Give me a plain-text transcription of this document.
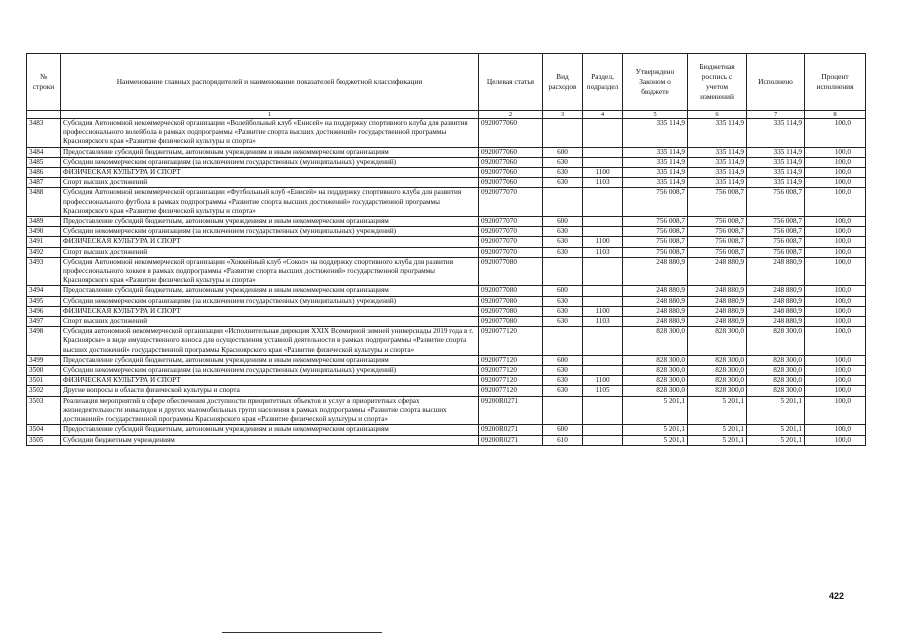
№ строки	Наименование главных распорядителей и наименование показателей бюджетной классификации	Целевая статья	Вид расходов	Раздел, подраздел	Утверждено Законом о бюджете	Бюджетная роспись с учетом изменений	Исполнено	Процент исполнения
	1	2	3	4	5	6	7	8
3483	Субсидия Автономной некоммерческой организации «Волейбольный клуб «Енисей» на поддержку спортивного клуба для развития профессионального волейбола в рамках подпрограммы «Развитие спорта высших достижений» государственной программы Красноярского края «Развитие физической культуры и спорта»	0920077060			335 114,9	335 114,9	335 114,9	100,0
3484	Предоставление субсидий бюджетным, автономным учреждениям и иным некоммерческим организациям	0920077060	600		335 114,9	335 114,9	335 114,9	100,0
3485	Субсидии некоммерческим организациям (за исключением государственных (муниципальных) учреждений)	0920077060	630		335 114,9	335 114,9	335 114,9	100,0
3486	ФИЗИЧЕСКАЯ КУЛЬТУРА И СПОРТ	0920077060	630	1100	335 114,9	335 114,9	335 114,9	100,0
3487	Спорт высших достижений	0920077060	630	1103	335 114,9	335 114,9	335 114,9	100,0
3488	Субсидия Автономной некоммерческой организации «Футбольный клуб «Енисей» на поддержку спортивного клуба для развития профессионального футбола в рамках подпрограммы «Развитие спорта высших достижений» государственной программы Красноярского края «Развитие физической культуры и спорта»	0920077070			756 008,7	756 008,7	756 008,7	100,0
3489	Предоставление субсидий бюджетным, автономным учреждениям и иным некоммерческим организациям	0920077070	600		756 008,7	756 008,7	756 008,7	100,0
3490	Субсидии некоммерческим организациям (за исключением государственных (муниципальных) учреждений)	0920077070	630		756 008,7	756 008,7	756 008,7	100,0
3491	ФИЗИЧЕСКАЯ КУЛЬТУРА И СПОРТ	0920077070	630	1100	756 008,7	756 008,7	756 008,7	100,0
3492	Спорт высших достижений	0920077070	630	1103	756 008,7	756 008,7	756 008,7	100,0
3493	Субсидия Автономной некоммерческой организации «Хоккейный клуб «Сокол» на поддержку спортивного клуба для развития профессионального хоккея в рамках подпрограммы «Развитие спорта высших достижений» государственной программы Красноярского края «Развитие физической культуры и спорта»	0920077080			248 880,9	248 880,9	248 880,9	100,0
3494	Предоставление субсидий бюджетным, автономным учреждениям и иным некоммерческим организациям	0920077080	600		248 880,9	248 880,9	248 880,9	100,0
3495	Субсидии некоммерческим организациям (за исключением государственных (муниципальных) учреждений)	0920077080	630		248 880,9	248 880,9	248 880,9	100,0
3496	ФИЗИЧЕСКАЯ КУЛЬТУРА И СПОРТ	0920077080	630	1100	248 880,9	248 880,9	248 880,9	100,0
3497	Спорт высших достижений	0920077080	630	1103	248 880,9	248 880,9	248 880,9	100,0
3498	Субсидия автономной некоммерческой организации «Исполнительная дирекция XXIX Всемирной зимней универсиады 2019 года в г. Красноярске» в виде имущественного взноса для осуществления уставной деятельности в рамках подпрограммы «Развитие спорта высших достижений» государственной программы Красноярского края «Развитие физической культуры и спорта»	0920077120			828 300,0	828 300,0	828 300,0	100,0
3499	Предоставление субсидий бюджетным, автономным учреждениям и иным некоммерческим организациям	0920077120	600		828 300,0	828 300,0	828 300,0	100,0
3500	Субсидии некоммерческим организациям (за исключением государственных (муниципальных) учреждений)	0920077120	630		828 300,0	828 300,0	828 300,0	100,0
3501	ФИЗИЧЕСКАЯ КУЛЬТУРА И СПОРТ	0920077120	630	1100	828 300,0	828 300,0	828 300,0	100,0
3502	Другие вопросы в области физической культуры и спорта	0920077120	630	1105	828 300,0	828 300,0	828 300,0	100,0
3503	Реализация мероприятий в сфере обеспечения доступности приоритетных объектов и услуг в приоритетных сферах жизнедеятельности инвалидов и других маломобильных групп населения в рамках подпрограммы «Развитие спорта высших достижений» государственной программы Красноярского края «Развитие физической культуры и спорта»	09200R0271			5 201,1	5 201,1	5 201,1	100,0
3504	Предоставление субсидий бюджетным, автономным учреждениям и иным некоммерческим организациям	09200R0271	600		5 201,1	5 201,1	5 201,1	100,0
3505	Субсидии бюджетным учреждениям	09200R0271	610		5 201,1	5 201,1	5 201,1	100,0
422
